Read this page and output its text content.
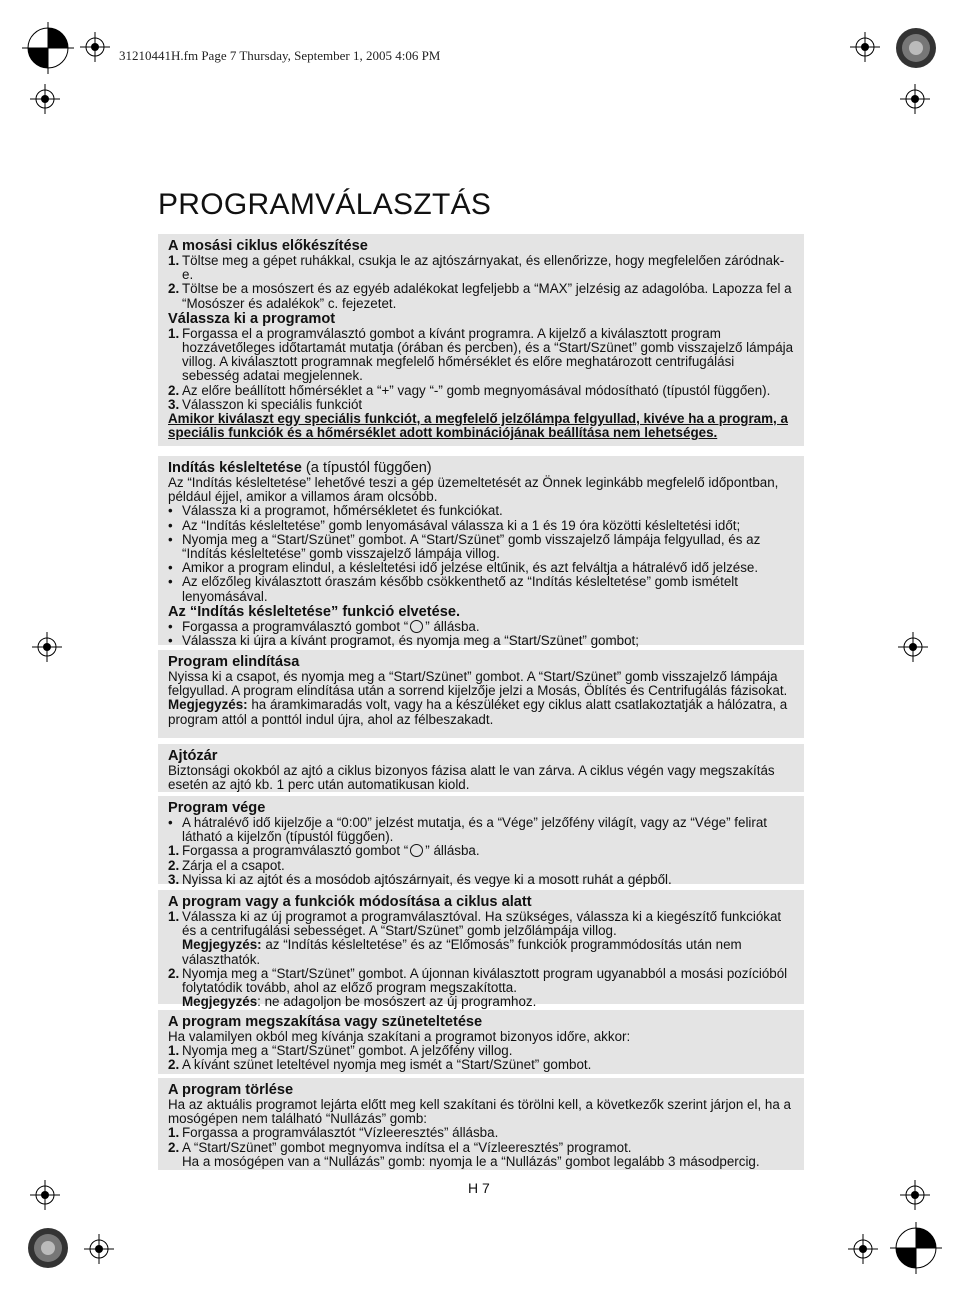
31210441H.fm Page 7 Thursday, September 1, 2005 4:06 PM
PROGRAMVÁLASZTÁS
A mosási ciklus előkészítése
1. Töltse meg a gépet ruhákkal, csukja le az ajtószárnyakat, és ellenőrizze, hogy megfelelően záródnak-e.
2. Töltse be a mosószert és az egyéb adalékokat legfeljebb a “MAX” jelzésig az adagolóba. Lapozza fel a “Mosószer és adalékok” c. fejezetet.
Válassza ki a programot
1. Forgassa el a programválasztó gombot a kívánt programra. A kijelző a kiválasztott program hozzávetőleges időtartamát mutatja (órában és percben), és a “Start/Szünet” gomb visszajelző lámpája villog. A kiválasztott programnak megfelelő hőmérséklet és előre meghatározott centrifugálási sebesség adatai megjelennek.
2. Az előre beállított hőmérséklet a “+” vagy “-” gomb megnyomásával módosítható (típustól függően).
3. Válasszon ki speciális funkciót

Amikor kiválaszt egy speciális funkciót, a megfelelő jelzőlámpa felgyullad, kivéve ha a program, a speciális funkciók és a hőmérséklet adott kombinációjának beállítása nem lehetséges.

Indítás késleltetése (a típustól függően)

Az “Indítás késleltetése” lehetővé teszi a gép üzemeltetését az Önnek leginkább megfelelő időpontban, például éjjel, amikor a villamos áram olcsóbb.

• Válassza ki a programot, hőmérsékletet és funkciókat.
• Az “Indítás késleltetése” gomb lenyomásával válassza ki a 1 és 19 óra közötti késleltetési időt;
• Nyomja meg a “Start/Szünet” gombot. A “Start/Szünet” gomb visszajelző lámpája felgyullad, és az “Indítás késleltetése” gomb visszajelző lámpája villog.
• Amikor a program elindul, a késleltetési idő jelzése eltűnik, és azt felváltja a hátralévő idő jelzése.
• Az előzőleg kiválasztott óraszám később csökkenthető az “Indítás késleltetése” gomb ismételt lenyomásával.
Az “Indítás késleltetése” funkció elvetése.
• Forgassa a programválasztó gombot “ ” állásba.
• Válassza ki újra a kívánt programot, és nyomja meg a “Start/Szünet” gombot;
Program elindítása

Nyissa ki a csapot, és nyomja meg a “Start/Szünet” gombot. A “Start/Szünet” gomb visszajelző lámpája felgyullad. A program elindítása után a sorrend kijelzője jelzi a Mosás, Öblítés és Centrifugálás fázisokat.

Megjegyzés: ha áramkimaradás volt, vagy ha a készüléket egy ciklus alatt csatlakoztatják a hálózatra, a program attól a ponttól indul újra, ahol az félbeszakadt.

Ajtózár

Biztonsági okokból az ajtó a ciklus bizonyos fázisa alatt le van zárva. A ciklus végén vagy megszakítás esetén az ajtó kb. 1 perc után automatikusan kiold.

Program vége
• A hátralévő idő kijelzője a “0:00” jelzést mutatja, és a “Vége” jelzőfény világít, vagy az “Vége” felirat látható a kijelzőn (típustól függően).
1. Forgassa a programválasztó gombot “ ” állásba.
2. Zárja el a csapot.
3. Nyissa ki az ajtót és a mosódob ajtószárnyait, és vegye ki a mosott ruhát a gépből.
A program vagy a funkciók módosítása a ciklus alatt
1. Válassza ki az új programot a programválasztóval. Ha szükséges, válassza ki a kiegészítő funkciókat és a centrifugálási sebességet. A “Start/Szünet” gomb jelzőlámpája villog.
Megjegyzés: az “Indítás késleltetése” és az “Előmosás” funkciók programmódosítás után nem választhatók.
2. Nyomja meg a “Start/Szünet” gombot. A újonnan kiválasztott program ugyanabból a mosási pozícióból folytatódik tovább, ahol az előző program megszakította.
Megjegyzés: ne adagoljon be mosószert az új programhoz.
A program megszakítása vagy szüneteltetése

Ha valamilyen okból meg kívánja szakítani a programot bizonyos időre, akkor:

1. Nyomja meg a “Start/Szünet” gombot. A jelzőfény villog.
2. A kívánt szünet leteltével nyomja meg ismét a “Start/Szünet” gombot.
A program törlése

Ha az aktuális programot lejárta előtt meg kell szakítani és törölni kell, a következők szerint járjon el, ha a mosógépen nem található “Nullázás” gomb:

1. Forgassa a programválasztót “Vízleeresztés” állásba.
2. A “Start/Szünet” gombot megnyomva indítsa el a “Vízleeresztés” programot.

Ha a mosógépen van a “Nullázás” gomb: nyomja le a “Nullázás” gombot legalább 3 másodpercig.

H 7
